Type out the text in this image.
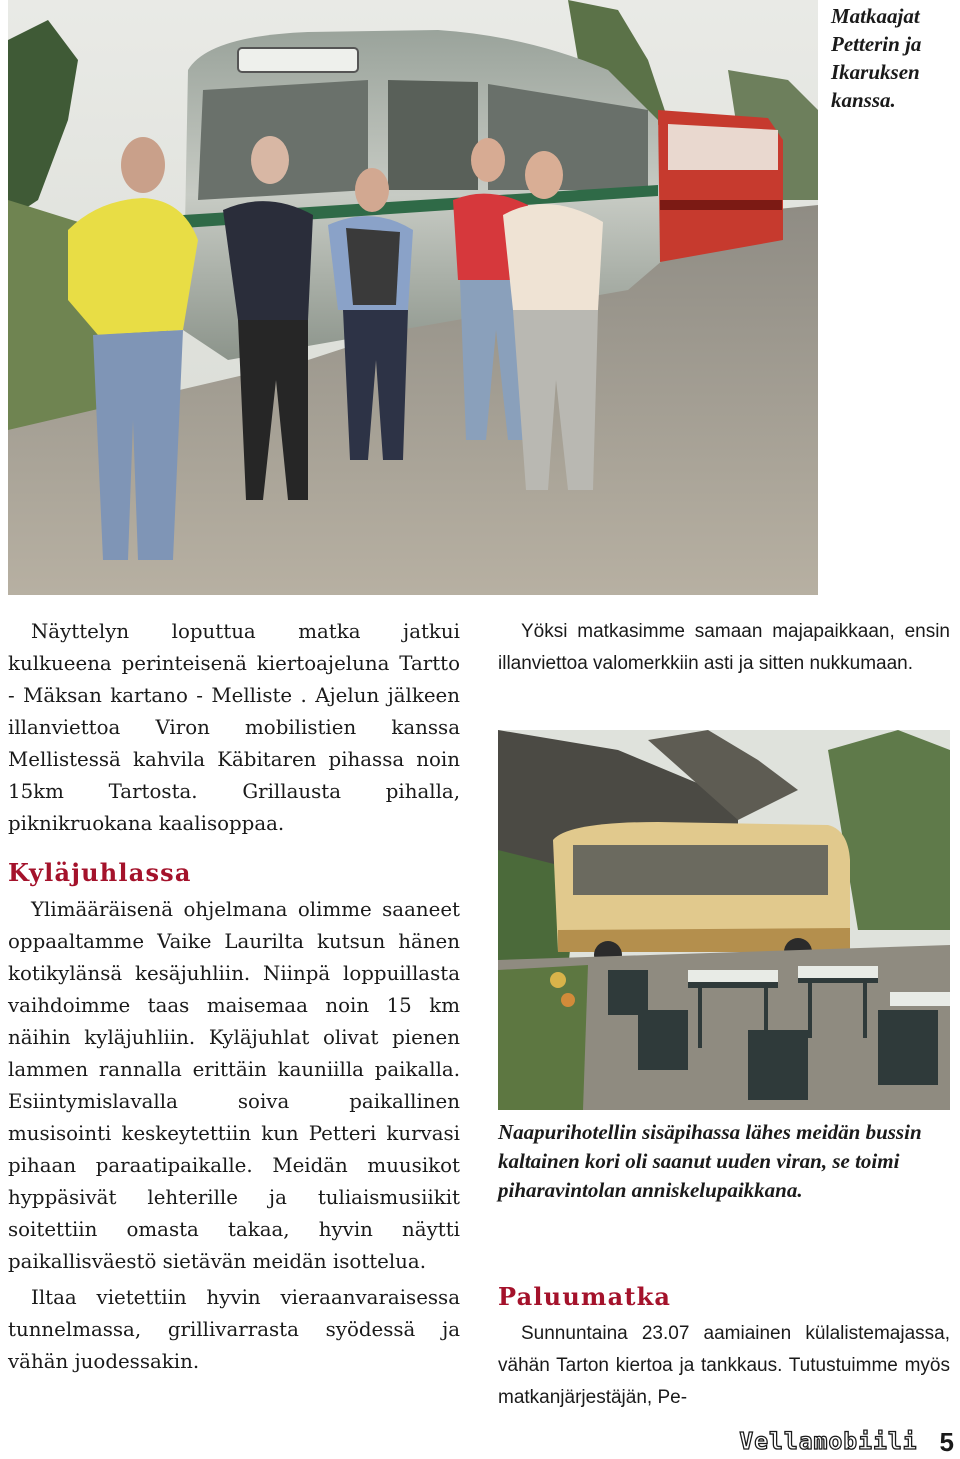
Matkaajat Petterin ja Ikaruksen kanssa.

Näyttelyn loputtua matka jatkui kulkueena perinteisenä kiertoajeluna Tartto - Mäksan kartano - Melliste . Ajelun jälkeen illanviettoa Viron mobilistien kanssa Mellistessä kahvila Käbitaren pihassa noin 15km Tartosta. Grillausta pihalla, piknikruokana kaalisoppaa.

Kyläjuhlassa

Ylimääräisenä ohjelmana olimme saaneet oppaaltamme Vaike Laurilta kutsun hänen kotikylänsä kesäjuhliin. Niinpä loppuillasta vaihdoimme taas maisemaa noin 15 km näihin kyläjuhliin. Kyläjuhlat olivat pienen lammen rannalla erittäin kauniilla paikalla. Esiintymislavalla soiva paikallinen musisointi keskeytettiin kun Petteri kurvasi pihaan paraatipaikalle. Meidän muusikot hyppäsivät lehterille ja tuliaismusiikit soitettiin omasta takaa, hyvin näytti paikallisväestö sietävän meidän isottelua.

Iltaa vietettiin hyvin vieraanvaraisessa tunnelmassa, grillivarrasta syödessä ja vähän juodessakin.

Yöksi matkasimme samaan majapaikkaan, ensin illanviettoa valomerkkiin asti ja sitten nukkumaan.

Naapurihotellin sisäpihassa lähes meidän bussin kaltainen kori oli saanut uuden viran, se toimi piharavintolan anniskelupaikkana.

Paluumatka

Sunnuntaina 23.07 aamiainen külalistemajassa, vähän Tarton kiertoa ja tankkaus. Tutustuimme myös matkanjärjestäjän, Pe-

Vellamobiili 5
